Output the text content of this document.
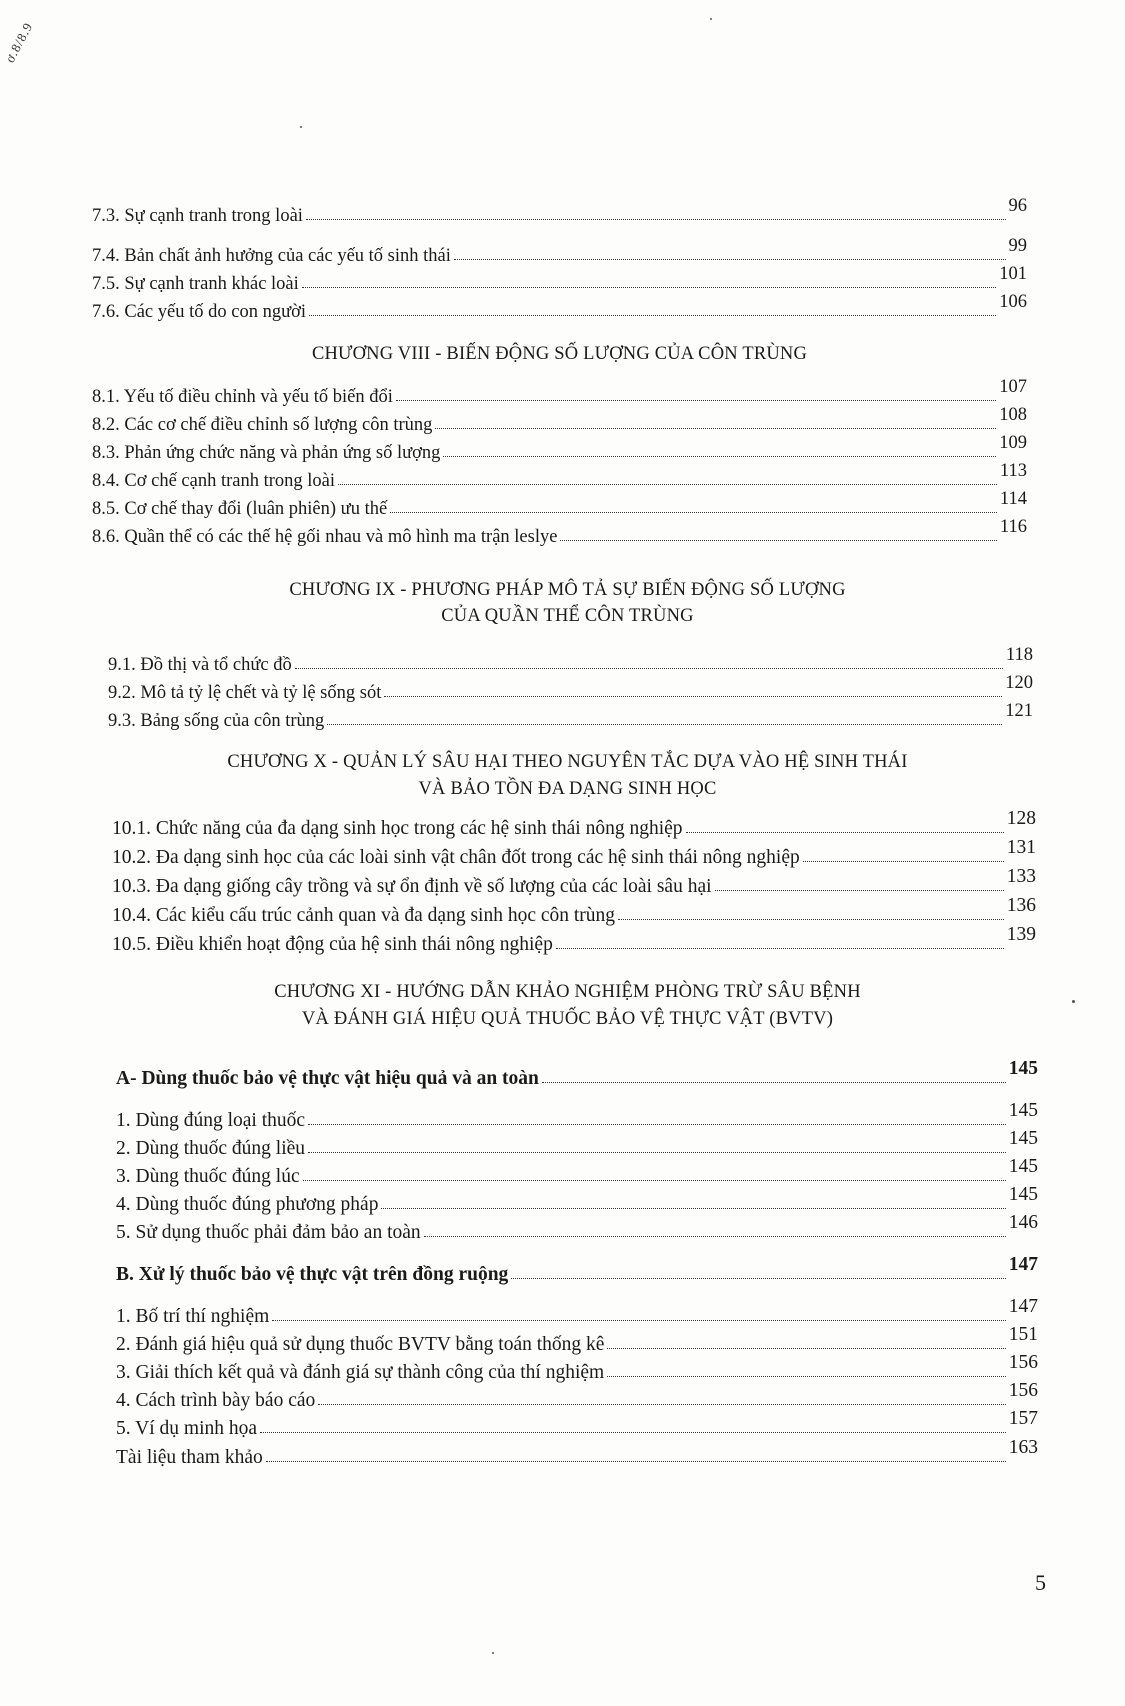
ơ.8/8.9
7.3. Sự cạnh tranh trong loài	96
7.4. Bản chất ảnh hưởng của các yếu tố sinh thái	99
7.5. Sự cạnh tranh khác loài	101
7.6. Các yếu tố do con người	106
CHƯƠNG VIII - BIẾN ĐỘNG SỐ LƯỢNG CỦA CÔN TRÙNG
8.1. Yếu tố điều chỉnh và yếu tố biến đổi	107
8.2. Các cơ chế điều chỉnh số lượng côn trùng	108
8.3. Phản ứng chức năng và phản ứng số lượng	109
8.4. Cơ chế cạnh tranh trong loài	113
8.5. Cơ chế thay đổi (luân phiên) ưu thế	114
8.6. Quần thể có các thế hệ gối nhau và mô hình ma trận leslye	116
CHƯƠNG IX - PHƯƠNG PHÁP MÔ TẢ SỰ BIẾN ĐỘNG SỐ LƯỢNG
CỦA QUẦN THỂ CÔN TRÙNG
9.1. Đồ thị và tổ chức đồ	118
9.2. Mô tả tỷ lệ chết và tỷ lệ sống sót	120
9.3. Bảng sống của côn trùng	121
CHƯƠNG X - QUẢN LÝ SÂU HẠI THEO NGUYÊN TẮC DỰA VÀO HỆ SINH THÁI
VÀ BẢO TỒN ĐA DẠNG SINH HỌC
10.1. Chức năng của đa dạng sinh học trong các hệ sinh thái nông nghiệp	128
10.2. Đa dạng sinh học của các loài sinh vật chân đốt trong các hệ sinh thái nông nghiệp	131
10.3. Đa dạng giống cây trồng và sự ổn định về số lượng của các loài sâu hại	133
10.4. Các kiểu cấu trúc cảnh quan và đa dạng sinh học côn trùng	136
10.5. Điều khiển hoạt động của hệ sinh thái nông nghiệp	139
CHƯƠNG XI - HƯỚNG DẪN KHẢO NGHIỆM PHÒNG TRỪ SÂU BỆNH
VÀ ĐÁNH GIÁ HIỆU QUẢ THUỐC BẢO VỆ THỰC VẬT (BVTV)
A- Dùng thuốc bảo vệ thực vật hiệu quả và an toàn	145
1. Dùng đúng loại thuốc	145
2. Dùng thuốc đúng liều	145
3. Dùng thuốc đúng lúc	145
4. Dùng thuốc đúng phương pháp	145
5. Sử dụng thuốc phải đảm bảo an toàn	146
B. Xử lý thuốc bảo vệ thực vật trên đồng ruộng	147
1. Bố trí thí nghiệm	147
2. Đánh giá hiệu quả sử dụng thuốc BVTV bằng toán thống kê	151
3. Giải thích kết quả và đánh giá sự thành công của thí nghiệm	156
4. Cách trình bày báo cáo	156
5. Ví dụ minh họa	157
Tài liệu tham khảo	163
5
